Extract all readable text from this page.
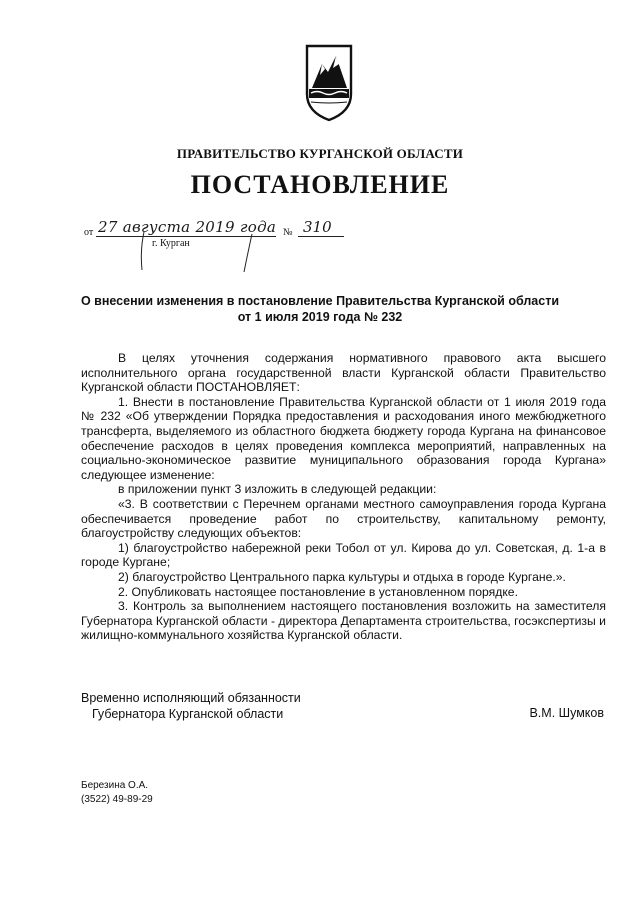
ПРАВИТЕЛЬСТВО КУРГАНСКОЙ ОБЛАСТИ
ПОСТАНОВЛЕНИЕ
от 27 августа 2019 года № 310
г. Курган
О внесении изменения в постановление Правительства Курганской области
от 1 июля 2019 года № 232

В целях уточнения содержания нормативного правового акта высшего исполнительного органа государственной власти Курганской области Правительство Курганской области ПОСТАНОВЛЯЕТ:

1. Внести в постановление Правительства Курганской области от 1 июля 2019 года № 232 «Об утверждении Порядка предоставления и расходования иного межбюджетного трансферта, выделяемого из областного бюджета бюджету города Кургана на финансовое обеспечение расходов в целях проведения комплекса мероприятий, направленных на социально-экономическое развитие муниципального образования города Кургана» следующее изменение:

в приложении пункт 3 изложить в следующей редакции:

«3. В соответствии с Перечнем органами местного самоуправления города Кургана обеспечивается проведение работ по строительству, капитальному ремонту, благоустройству следующих объектов:

1) благоустройство набережной реки Тобол от ул. Кирова до ул. Советская, д. 1-а в городе Кургане;

2) благоустройство Центрального парка культуры и отдыха в городе Кургане.».

2. Опубликовать настоящее постановление в установленном порядке.

3. Контроль за выполнением настоящего постановления возложить на заместителя Губернатора Курганской области - директора Департамента строительства, госэкспертизы и жилищно-коммунального хозяйства Курганской области.

Временно исполняющий обязанности
Губернатора Курганской области	В.М. Шумков
Березина О.А.
(3522) 49-89-29
